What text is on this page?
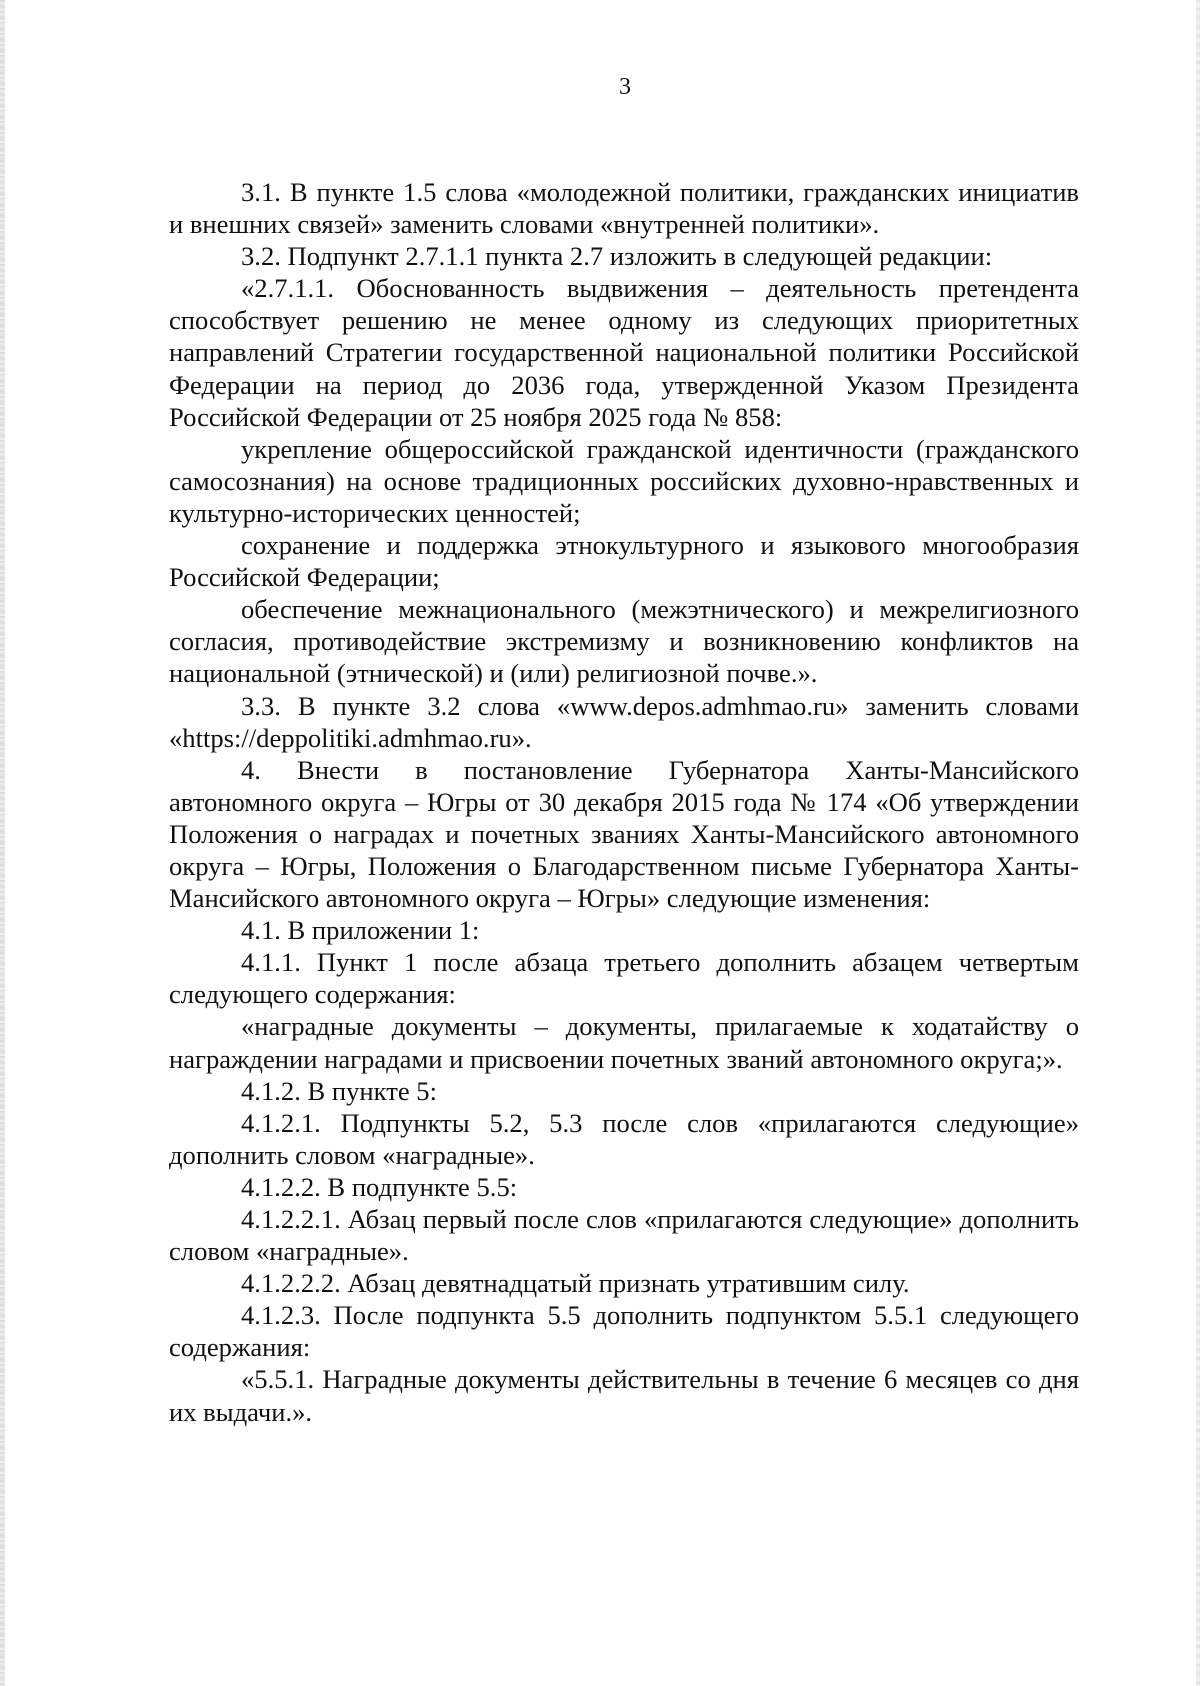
3

3.1. В пункте 1.5 слова «молодежной политики, гражданских инициатив и внешних связей» заменить словами «внутренней политики».

3.2. Подпункт 2.7.1.1 пункта 2.7 изложить в следующей редакции:

«2.7.1.1. Обоснованность выдвижения – деятельность претендента способствует решению не менее одному из следующих приоритетных направлений Стратегии государственной национальной политики Российской Федерации на период до 2036 года, утвержденной Указом Президента Российской Федерации от 25 ноября 2025 года № 858:

укрепление общероссийской гражданской идентичности (гражданского самосознания) на основе традиционных российских духовно-нравственных и культурно-исторических ценностей;

сохранение и поддержка этнокультурного и языкового многообразия Российской Федерации;

обеспечение межнационального (межэтнического) и межрелигиозного согласия, противодействие экстремизму и возникновению конфликтов на национальной (этнической) и (или) религиозной почве.».

3.3. В пункте 3.2 слова «www.depos.admhmao.ru» заменить словами «https://deppolitiki.admhmao.ru».

4. Внести в постановление Губернатора Ханты-Мансийского автономного округа – Югры от 30 декабря 2015 года № 174 «Об утверждении Положения о наградах и почетных званиях Ханты-Мансийского автономного округа – Югры, Положения о Благодарственном письме Губернатора Ханты-Мансийского автономного округа – Югры» следующие изменения:

4.1. В приложении 1:

4.1.1. Пункт 1 после абзаца третьего дополнить абзацем четвертым следующего содержания:

«наградные документы – документы, прилагаемые к ходатайству о награждении наградами и присвоении почетных званий автономного округа;».

4.1.2. В пункте 5:

4.1.2.1. Подпункты 5.2, 5.3 после слов «прилагаются следующие» дополнить словом «наградные».

4.1.2.2. В подпункте 5.5:

4.1.2.2.1. Абзац первый после слов «прилагаются следующие» дополнить словом «наградные».

4.1.2.2.2. Абзац девятнадцатый признать утратившим силу.

4.1.2.3. После подпункта 5.5 дополнить подпунктом 5.5.1 следующего содержания:

«5.5.1. Наградные документы действительны в течение 6 месяцев со дня их выдачи.».
